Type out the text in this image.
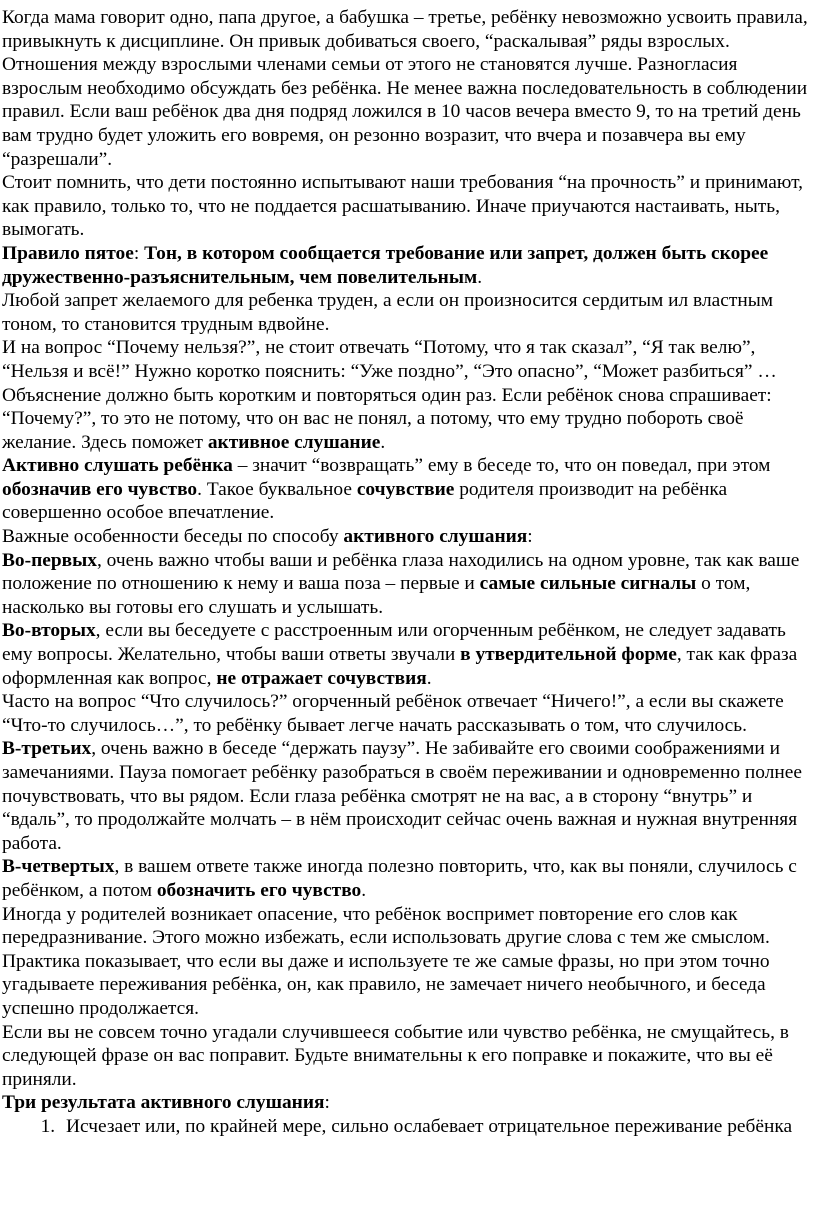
Когда мама говорит одно, папа другое, а бабушка – третье, ребёнку невозможно усвоить правила, привыкнуть к дисциплине. Он привык добиваться своего, “раскалывая” ряды взрослых. Отношения между взрослыми членами семьи от этого не становятся лучше. Разногласия взрослым необходимо обсуждать без ребёнка. Не менее важна последовательность в соблюдении правил. Если ваш ребёнок два дня подряд ложился в 10 часов вечера вместо 9, то на третий день вам трудно будет уложить его вовремя, он резонно возразит, что вчера и позавчера вы ему “разрешали”.

Стоит помнить, что дети постоянно испытывают наши требования “на прочность” и принимают, как правило, только то, что не поддается расшатыванию. Иначе приучаются настаивать, ныть, вымогать.

Правило пятое: Тон, в котором сообщается требование или запрет, должен быть скорее дружественно-разъяснительным, чем повелительным.

Любой запрет желаемого для ребенка труден, а если он произносится сердитым ил властным тоном, то становится трудным вдвойне.

И на вопрос “Почему нельзя?”, не стоит отвечать “Потому, что я так сказал”, “Я так велю”, “Нельзя и всё!” Нужно коротко пояснить: “Уже поздно”, “Это опасно”, “Может разбиться” …

Объяснение должно быть коротким и повторяться один раз. Если ребёнок снова спрашивает: “Почему?”, то это не потому, что он вас не понял, а потому, что ему трудно побороть своё желание. Здесь поможет активное слушание.

Активно слушать ребёнка – значит “возвращать” ему в беседе то, что он поведал, при этом обозначив его чувство. Такое буквальное сочувствие родителя производит на ребёнка совершенно особое впечатление.

Важные особенности беседы по способу активного слушания:

Во-первых, очень важно чтобы ваши и ребёнка глаза находились на одном уровне, так как ваше положение по отношению к нему и ваша поза – первые и самые сильные сигналы о том, насколько вы готовы его слушать и услышать.

Во-вторых, если вы беседуете с расстроенным или огорченным ребёнком, не следует задавать ему вопросы. Желательно, чтобы ваши ответы звучали в утвердительной форме, так как фраза оформленная как вопрос, не отражает сочувствия.

Часто на вопрос “Что случилось?” огорченный ребёнок отвечает “Ничего!”, а если вы скажете “Что-то случилось…”, то ребёнку бывает легче начать рассказывать о том, что случилось.

В-третьих, очень важно в беседе “держать паузу”. Не забивайте его своими соображениями и замечаниями. Пауза помогает ребёнку разобраться в своём переживании и одновременно полнее почувствовать, что вы рядом. Если глаза ребёнка смотрят не на вас, а в сторону “внутрь” и “вдаль”, то продолжайте молчать – в нём происходит сейчас очень важная и нужная внутренняя работа.

В-четвертых, в вашем ответе также иногда полезно повторить, что, как вы поняли, случилось с ребёнком, а потом обозначить его чувство.

Иногда у родителей возникает опасение, что ребёнок воспримет повторение его слов как передразнивание. Этого можно избежать, если использовать другие слова с тем же смыслом. Практика показывает, что если вы даже и используете те же самые фразы, но при этом точно угадываете переживания ребёнка, он, как правило, не замечает ничего необычного, и беседа успешно продолжается.

Если вы не совсем точно угадали случившееся событие или чувство ребёнка, не смущайтесь, в следующей фразе он вас поправит. Будьте внимательны к его поправке и покажите, что вы её приняли.

Три результата активного слушания:

1. Исчезает или, по крайней мере, сильно ослабевает отрицательное переживание ребёнка
